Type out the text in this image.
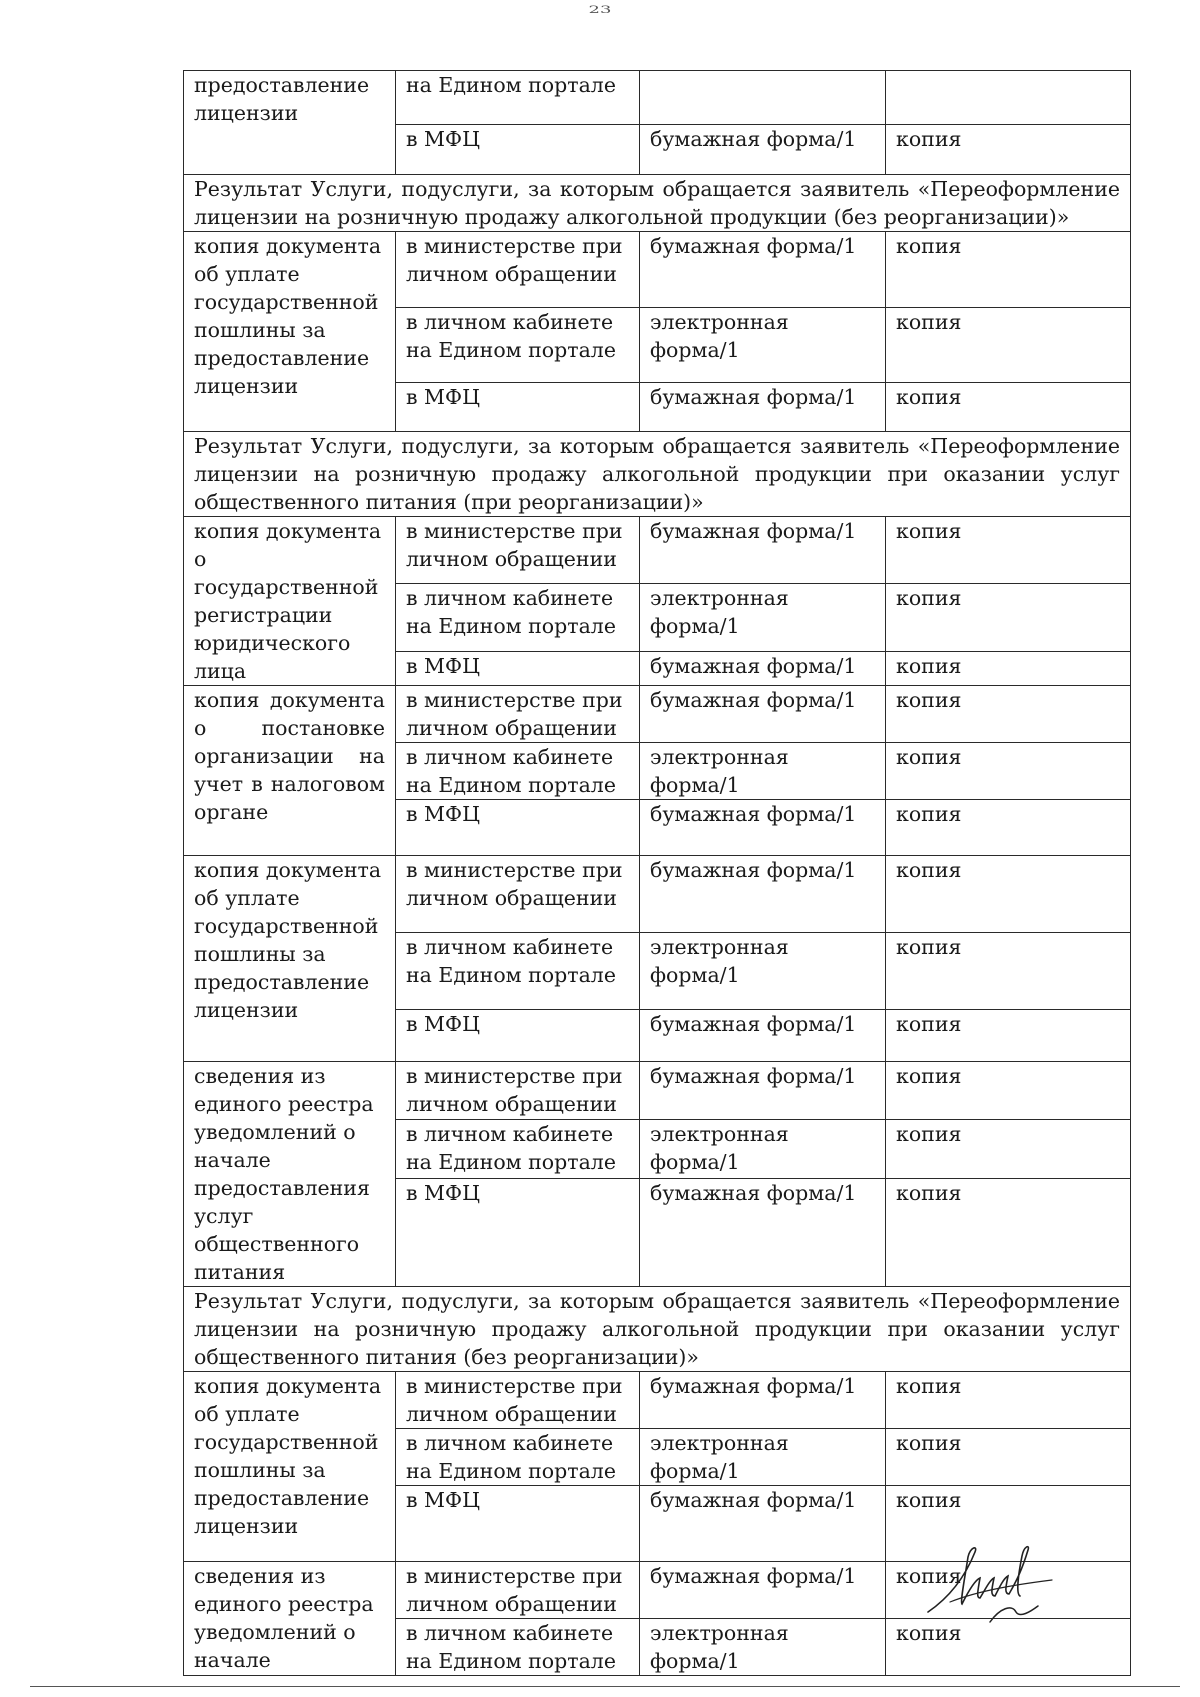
23
предоставление лицензии	на Едином портале		
	в МФЦ	бумажная форма/1	копия
Результат Услуги, подуслуги, за которым обращается заявитель «Переоформление лицензии на розничную продажу алкогольной продукции (без реорганизации)»			
копия документа об уплате государственной пошлины за предоставление лицензии	в министерстве при личном обращении	бумажная форма/1	копия
	в личном кабинете на Едином портале	электронная форма/1	копия
	в МФЦ	бумажная форма/1	копия
Результат Услуги, подуслуги, за которым обращается заявитель «Переоформление лицензии на розничную продажу алкогольной продукции при оказании услуг общественного питания (при реорганизации)»			
копия документа о государственной регистрации юридического лица	в министерстве при личном обращении	бумажная форма/1	копия
	в личном кабинете на Едином портале	электронная форма/1	копия
	в МФЦ	бумажная форма/1	копия
копия документа о постановке организации на учет в налоговом органе	в министерстве при личном обращении	бумажная форма/1	копия
	в личном кабинете на Едином портале	электронная форма/1	копия
	в МФЦ	бумажная форма/1	копия
копия документа об уплате государственной пошлины за предоставление лицензии	в министерстве при личном обращении	бумажная форма/1	копия
	в личном кабинете на Едином портале	электронная форма/1	копия
	в МФЦ	бумажная форма/1	копия
сведения из единого реестра уведомлений о начале предоставления услуг общественного питания	в министерстве при личном обращении	бумажная форма/1	копия
	в личном кабинете на Едином портале	электронная форма/1	копия
	в МФЦ	бумажная форма/1	копия
Результат Услуги, подуслуги, за которым обращается заявитель «Переоформление лицензии на розничную продажу алкогольной продукции при оказании услуг общественного питания (без реорганизации)»			
копия документа об уплате государственной пошлины за предоставление лицензии	в министерстве при личном обращении	бумажная форма/1	копия
	в личном кабинете на Едином портале	электронная форма/1	копия
	в МФЦ	бумажная форма/1	копия
сведения из единого реестра уведомлений о начале	в министерстве при личном обращении	бумажная форма/1	копия
	в личном кабинете на Едином портале	электронная форма/1	копия
